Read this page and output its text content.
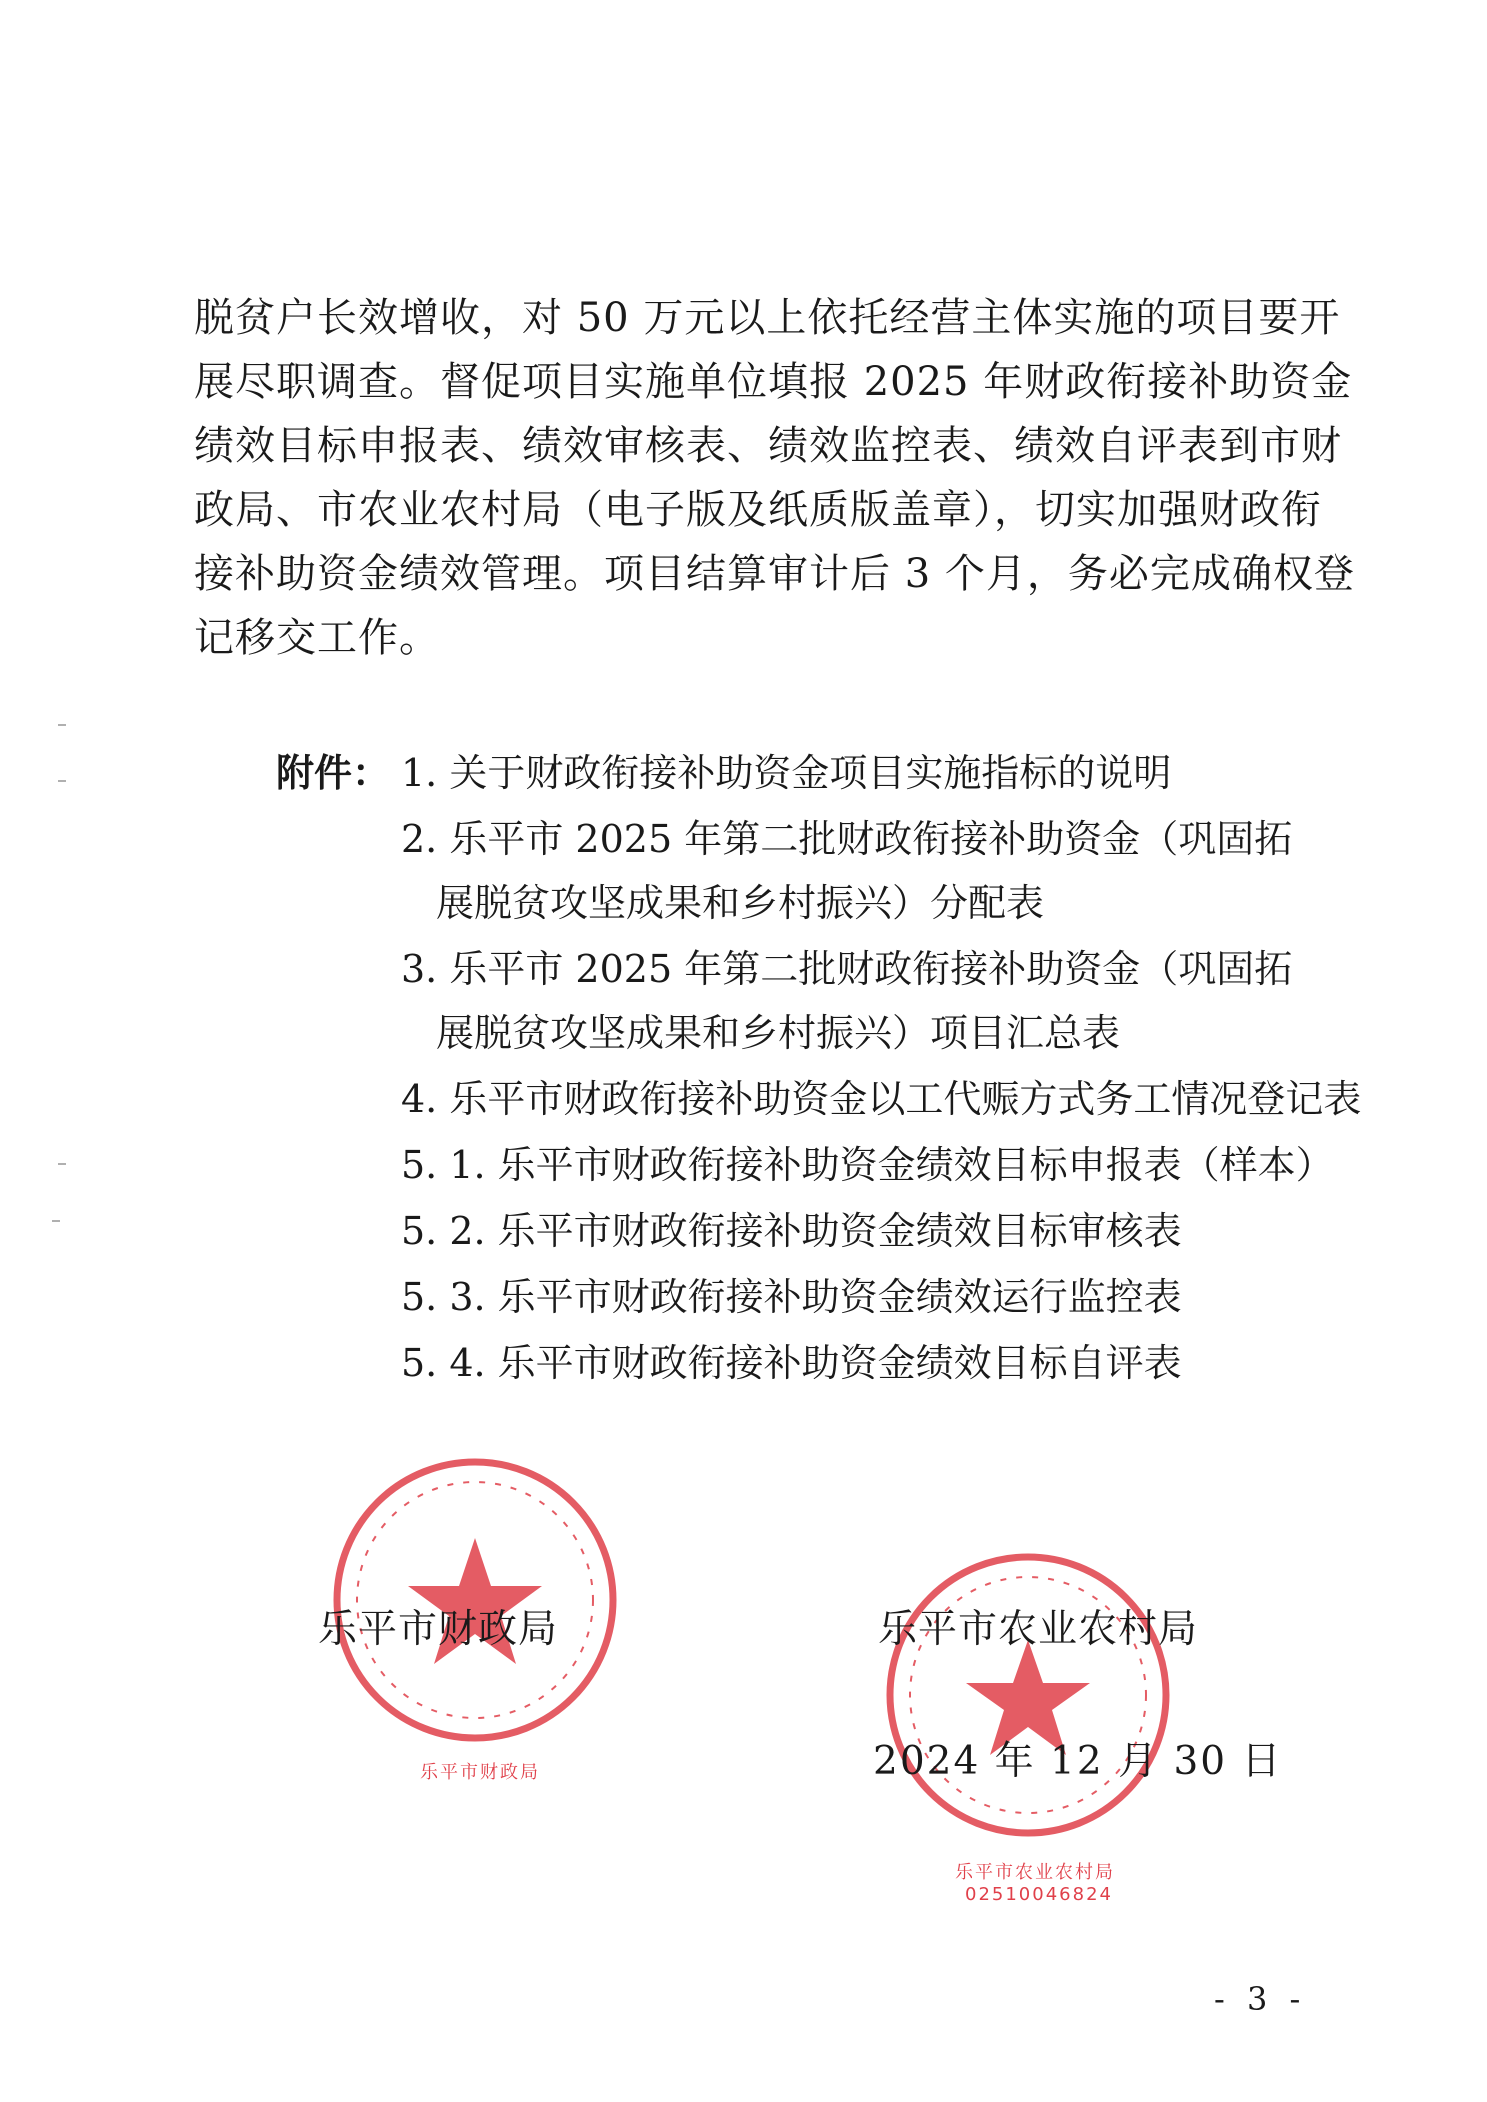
脱贫户长效增收，对 50 万元以上依托经营主体实施的项目要开
展尽职调查。督促项目实施单位填报 2025 年财政衔接补助资金
绩效目标申报表、绩效审核表、绩效监控表、绩效自评表到市财
政局、市农业农村局（电子版及纸质版盖章），切实加强财政衔
接补助资金绩效管理。项目结算审计后 3 个月，务必完成确权登
记移交工作。
附件： 1. 关于财政衔接补助资金项目实施指标的说明
2. 乐平市 2025 年第二批财政衔接补助资金（巩固拓
展脱贫攻坚成果和乡村振兴）分配表
3. 乐平市 2025 年第二批财政衔接补助资金（巩固拓
展脱贫攻坚成果和乡村振兴）项目汇总表
4. 乐平市财政衔接补助资金以工代赈方式务工情况登记表
5. 1. 乐平市财政衔接补助资金绩效目标申报表（样本）
5. 2. 乐平市财政衔接补助资金绩效目标审核表
5. 3. 乐平市财政衔接补助资金绩效运行监控表
5. 4. 乐平市财政衔接补助资金绩效目标自评表
乐平市财政局
乐平市财政局
乐平市农业农村局
02510046824
乐平市农业农村局
2024 年 12 月 30 日
- 3 -
